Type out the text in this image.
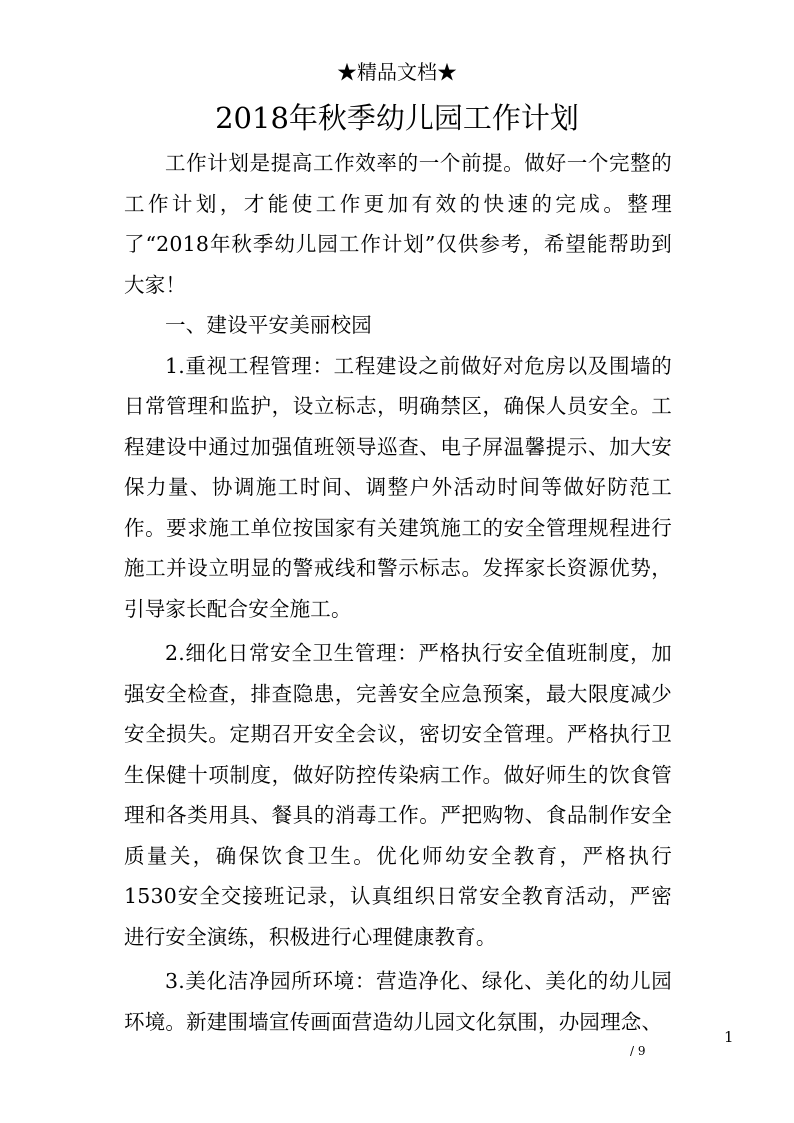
★精品文档★
2018年秋季幼儿园工作计划

工作计划是提高工作效率的一个前提。做好一个完整的工作计划，才能使工作更加有效的快速的完成。整理了“2018年秋季幼儿园工作计划”仅供参考，希望能帮助到大家！

一、建设平安美丽校园

1.重视工程管理：工程建设之前做好对危房以及围墙的日常管理和监护，设立标志，明确禁区，确保人员安全。工程建设中通过加强值班领导巡查、电子屏温馨提示、加大安保力量、协调施工时间、调整户外活动时间等做好防范工作。要求施工单位按国家有关建筑施工的安全管理规程进行施工并设立明显的警戒线和警示标志。发挥家长资源优势，引导家长配合安全施工。

2.细化日常安全卫生管理：严格执行安全值班制度，加强安全检查，排查隐患，完善安全应急预案，最大限度减少安全损失。定期召开安全会议，密切安全管理。严格执行卫生保健十项制度，做好防控传染病工作。做好师生的饮食管理和各类用具、餐具的消毒工作。严把购物、食品制作安全质量关，确保饮食卫生。优化师幼安全教育，严格执行1530安全交接班记录，认真组织日常安全教育活动，严密进行安全演练，积极进行心理健康教育。

3.美化洁净园所环境：营造净化、绿化、美化的幼儿园环境。新建围墙宣传画面营造幼儿园文化氛围，办园理念、

1
/ 9
